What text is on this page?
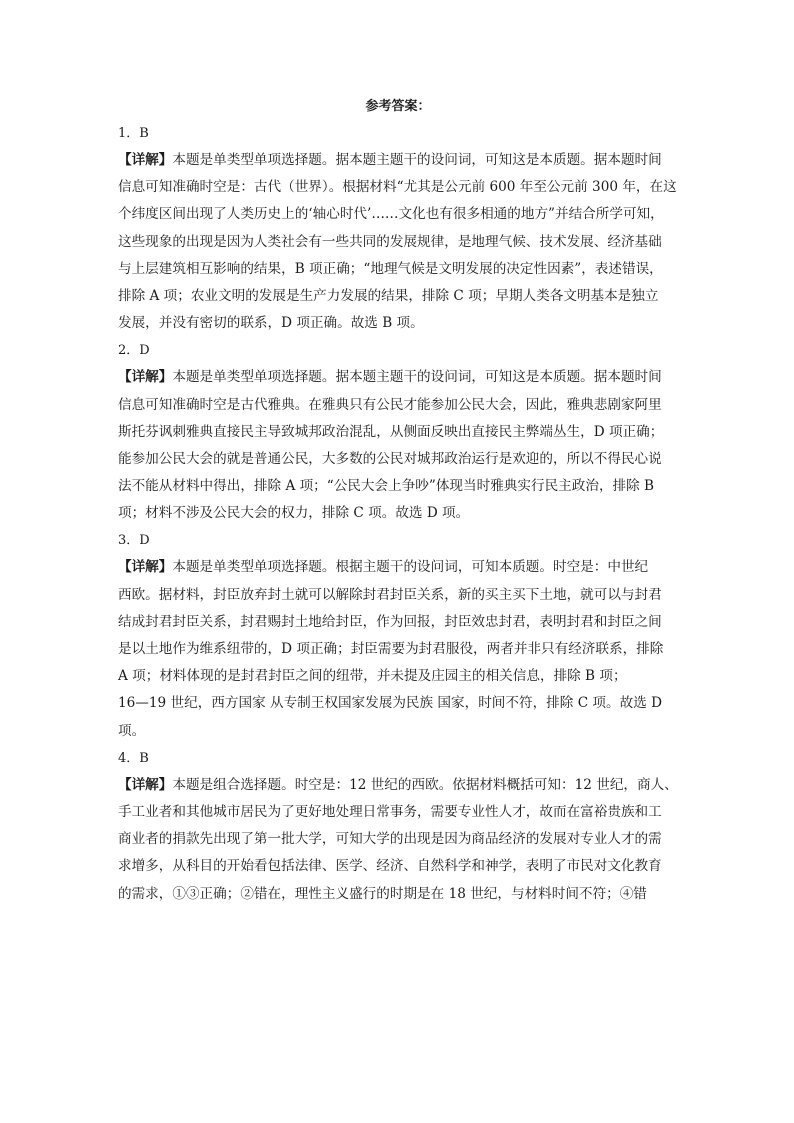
参考答案：
1．B
【详解】本题是单类型单项选择题。据本题主题干的设问词，可知这是本质题。据本题时间
信息可知准确时空是：古代（世界）。根据材料“尤其是公元前 600 年至公元前 300 年，在这
个纬度区间出现了人类历史上的‘轴心时代’……文化也有很多相通的地方”并结合所学可知，
这些现象的出现是因为人类社会有一些共同的发展规律，是地理气候、技术发展、经济基础
与上层建筑相互影响的结果，B 项正确；“地理气候是文明发展的决定性因素”，表述错误，
排除 A 项；农业文明的发展是生产力发展的结果，排除 C 项；早期人类各文明基本是独立
发展，并没有密切的联系，D 项正确。故选 B 项。
2．D
【详解】本题是单类型单项选择题。据本题主题干的设问词，可知这是本质题。据本题时间
信息可知准确时空是古代雅典。在雅典只有公民才能参加公民大会，因此，雅典悲剧家阿里
斯托芬讽刺雅典直接民主导致城邦政治混乱，从侧面反映出直接民主弊端丛生，D 项正确；
能参加公民大会的就是普通公民，大多数的公民对城邦政治运行是欢迎的，所以不得民心说
法不能从材料中得出，排除 A 项；“公民大会上争吵”体现当时雅典实行民主政治，排除 B
项；材料不涉及公民大会的权力，排除 C 项。故选 D 项。
3．D
【详解】本题是单类型单项选择题。根据主题干的设问词，可知本质题。时空是：中世纪
西欧。据材料，封臣放弃封土就可以解除封君封臣关系，新的买主买下土地，就可以与封君
结成封君封臣关系，封君赐封土地给封臣，作为回报，封臣效忠封君，表明封君和封臣之间
是以土地作为维系纽带的，D 项正确；封臣需要为封君服役，两者并非只有经济联系，排除
A 项；材料体现的是封君封臣之间的纽带，并未提及庄园主的相关信息，排除 B 项；
16—19 世纪，西方国家 从专制王权国家发展为民族 国家，时间不符，排除 C 项。故选 D
项。
4．B
【详解】本题是组合选择题。时空是：12 世纪的西欧。依据材料概括可知：12 世纪，商人、
手工业者和其他城市居民为了更好地处理日常事务，需要专业性人才，故而在富裕贵族和工
商业者的捐款先出现了第一批大学，可知大学的出现是因为商品经济的发展对专业人才的需
求增多，从科目的开始看包括法律、医学、经济、自然科学和神学，表明了市民对文化教育
的需求，①③正确；②错在，理性主义盛行的时期是在 18 世纪，与材料时间不符；④错
